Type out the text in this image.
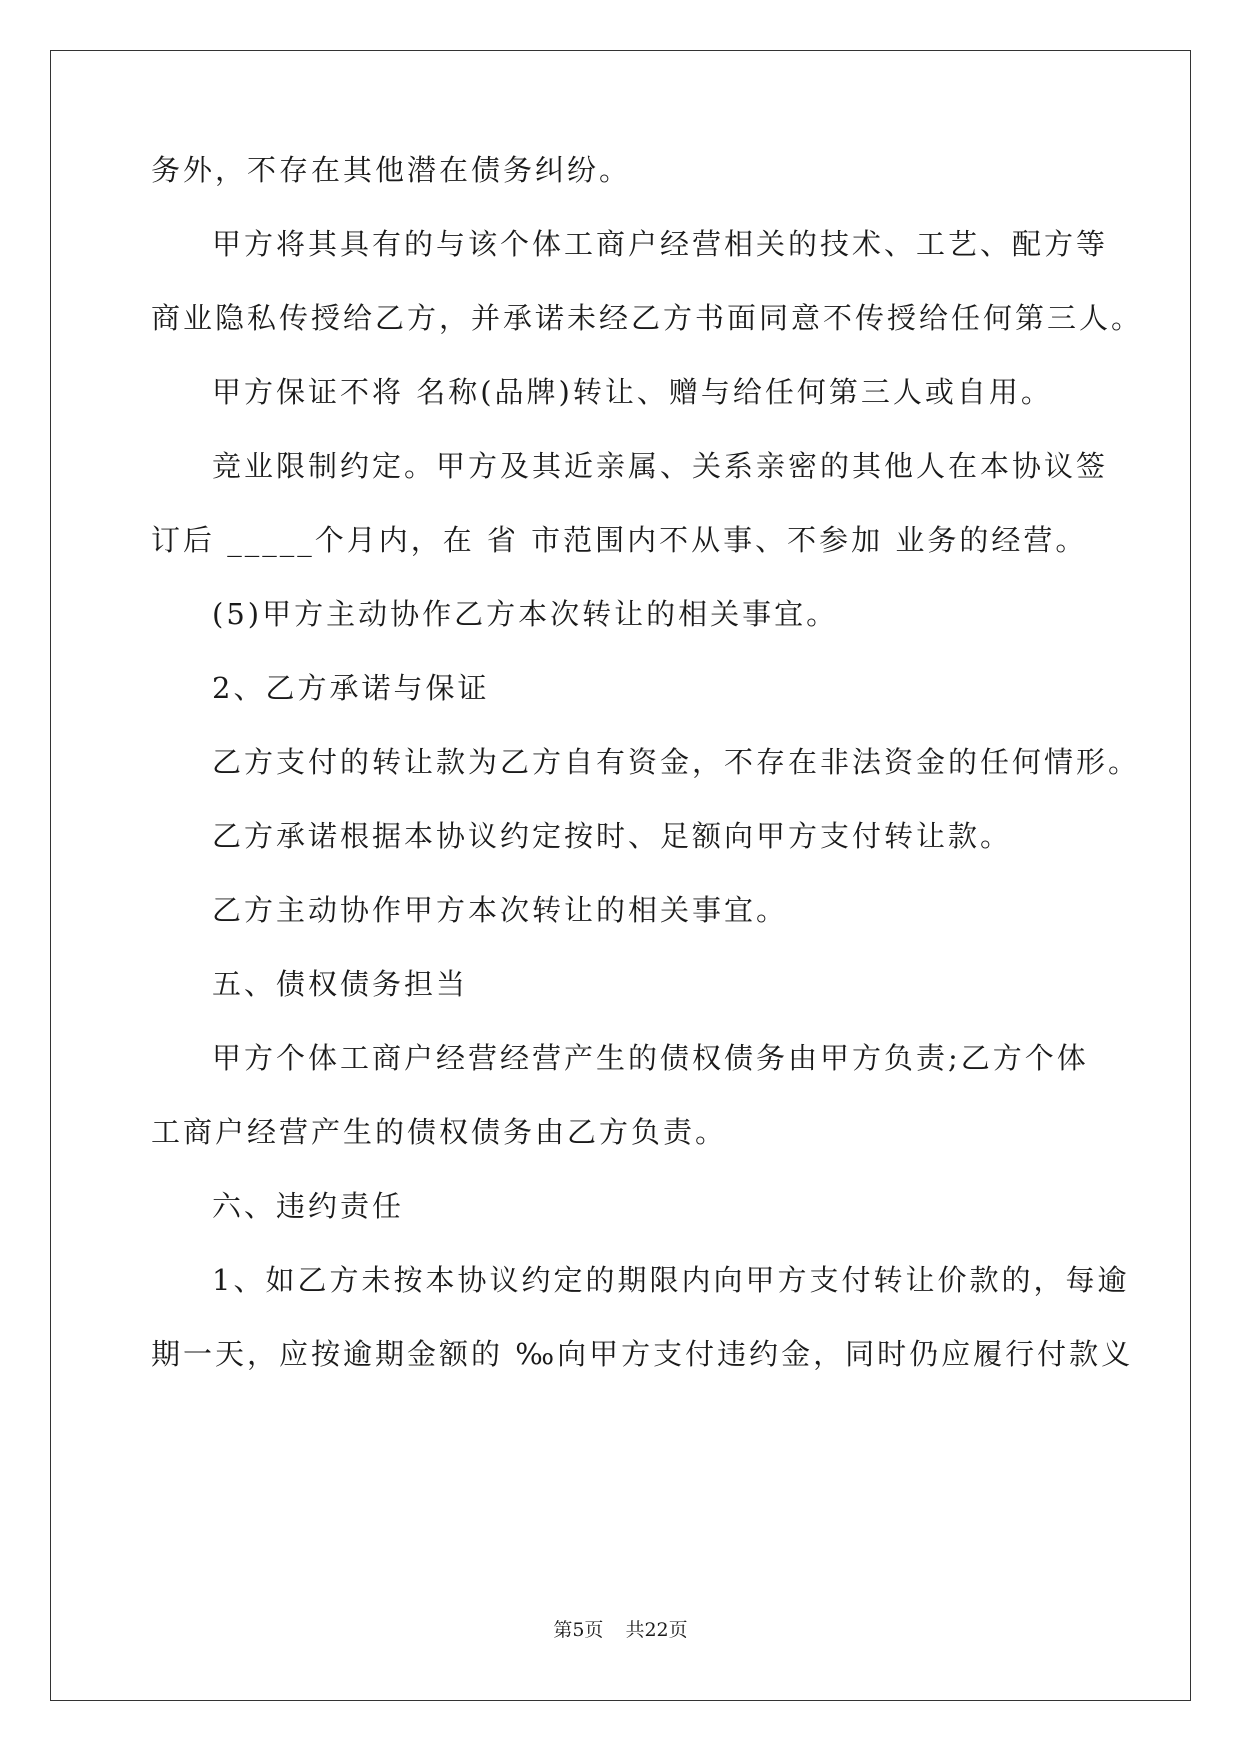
务外，不存在其他潜在债务纠纷。
甲方将其具有的与该个体工商户经营相关的技术、工艺、配方等
商业隐私传授给乙方，并承诺未经乙方书面同意不传授给任何第三人。
甲方保证不将 名称(品牌)转让、赠与给任何第三人或自用。
竞业限制约定。甲方及其近亲属、关系亲密的其他人在本协议签
订后 _____个月内，在 省 市范围内不从事、不参加 业务的经营。
(5)甲方主动协作乙方本次转让的相关事宜。
2、乙方承诺与保证
乙方支付的转让款为乙方自有资金，不存在非法资金的任何情形。
乙方承诺根据本协议约定按时、足额向甲方支付转让款。
乙方主动协作甲方本次转让的相关事宜。
五、债权债务担当
甲方个体工商户经营经营产生的债权债务由甲方负责;乙方个体
工商户经营产生的债权债务由乙方负责。
六、违约责任
1、如乙方未按本协议约定的期限内向甲方支付转让价款的，每逾
期一天，应按逾期金额的 ‰向甲方支付违约金，同时仍应履行付款义
第5页 共22页
